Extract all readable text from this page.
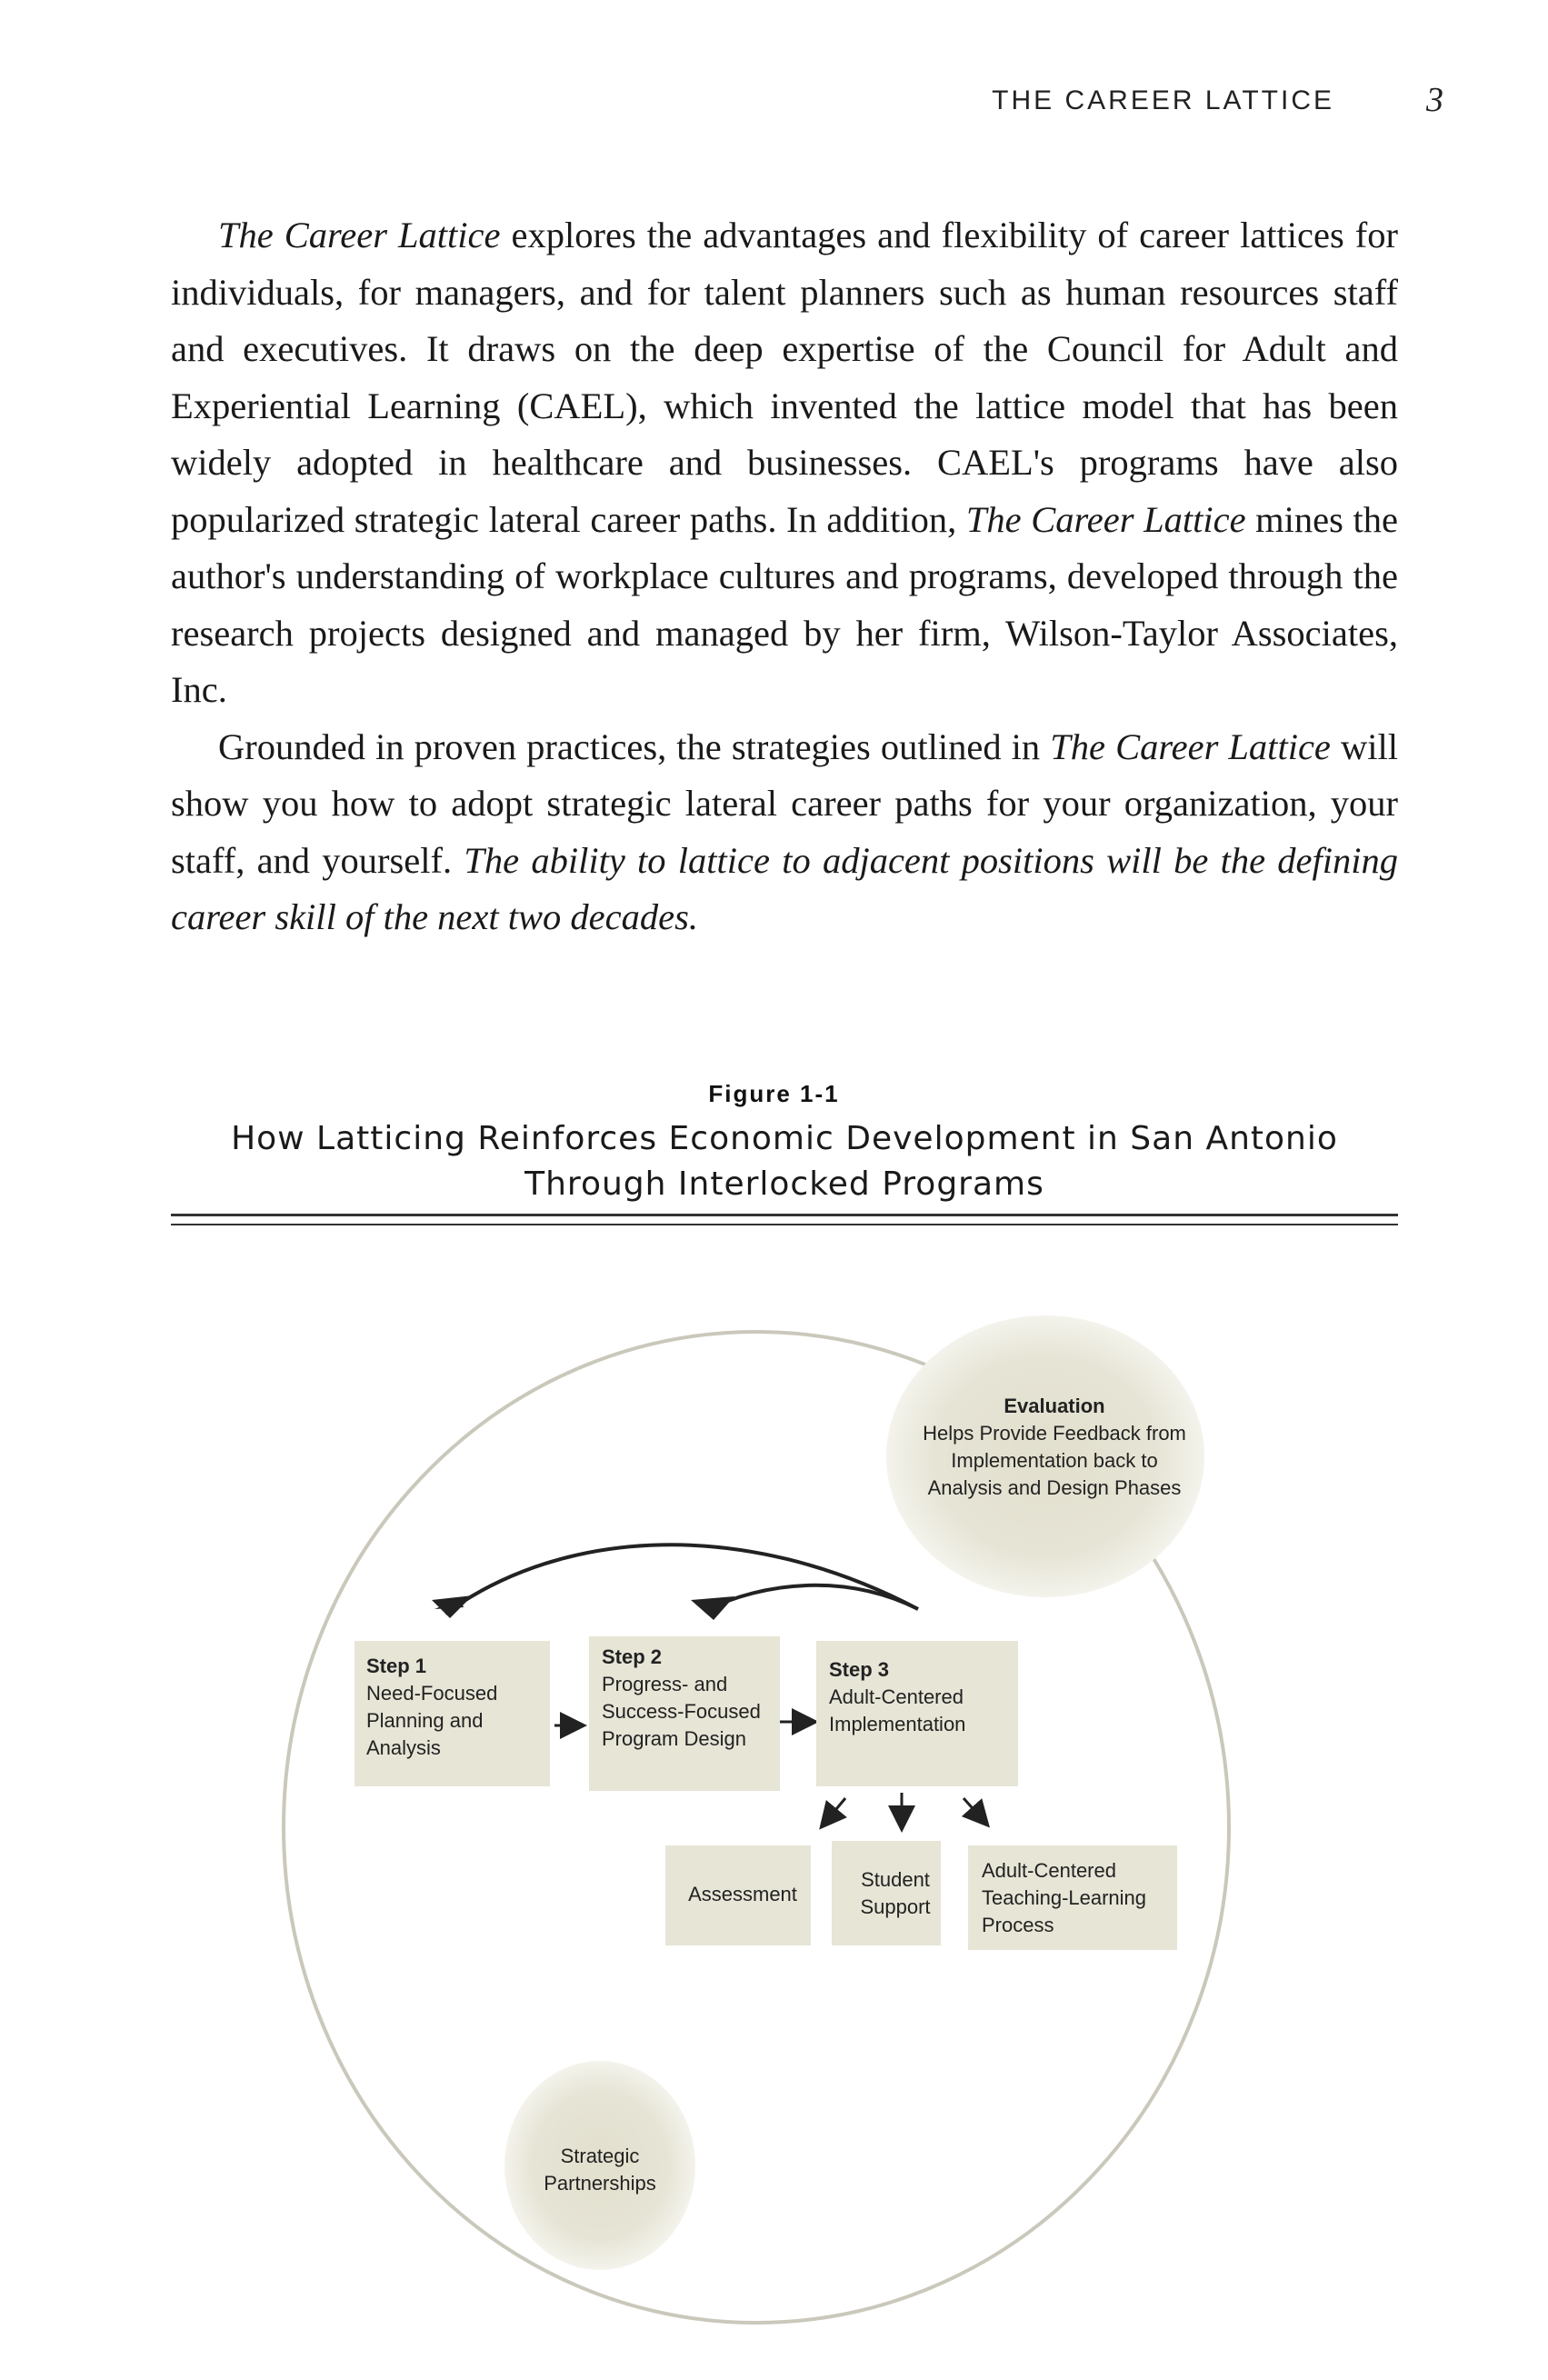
THE CAREER LATTICE	3

The Career Lattice explores the advantages and flexibility of career lattices for individuals, for managers, and for talent planners such as human resources staff and executives. It draws on the deep expertise of the Council for Adult and Experiential Learning (CAEL), which invented the lattice model that has been widely adopted in healthcare and businesses. CAEL's programs have also popularized strategic lateral career paths. In addition, The Career Lattice mines the author's understanding of workplace cultures and programs, developed through the research projects designed and managed by her firm, Wilson-Taylor Associates, Inc.

Grounded in proven practices, the strategies outlined in The Career Lattice will show you how to adopt strategic lateral career paths for your organization, your staff, and yourself. The ability to lattice to adjacent positions will be the defining career skill of the next two decades.

Figure 1-1
How Latticing Reinforces Economic Development in San Antonio Through Interlocked Programs
Evaluation
Helps Provide Feedback from Implementation back to Analysis and Design Phases
Step 1
Need-Focused Planning and Analysis
Step 2
Progress- and Success-Focused Program Design
Step 3
Adult-Centered Implementation
Assessment
Student Support
Adult-Centered Teaching-Learning Process
Strategic Partnerships
